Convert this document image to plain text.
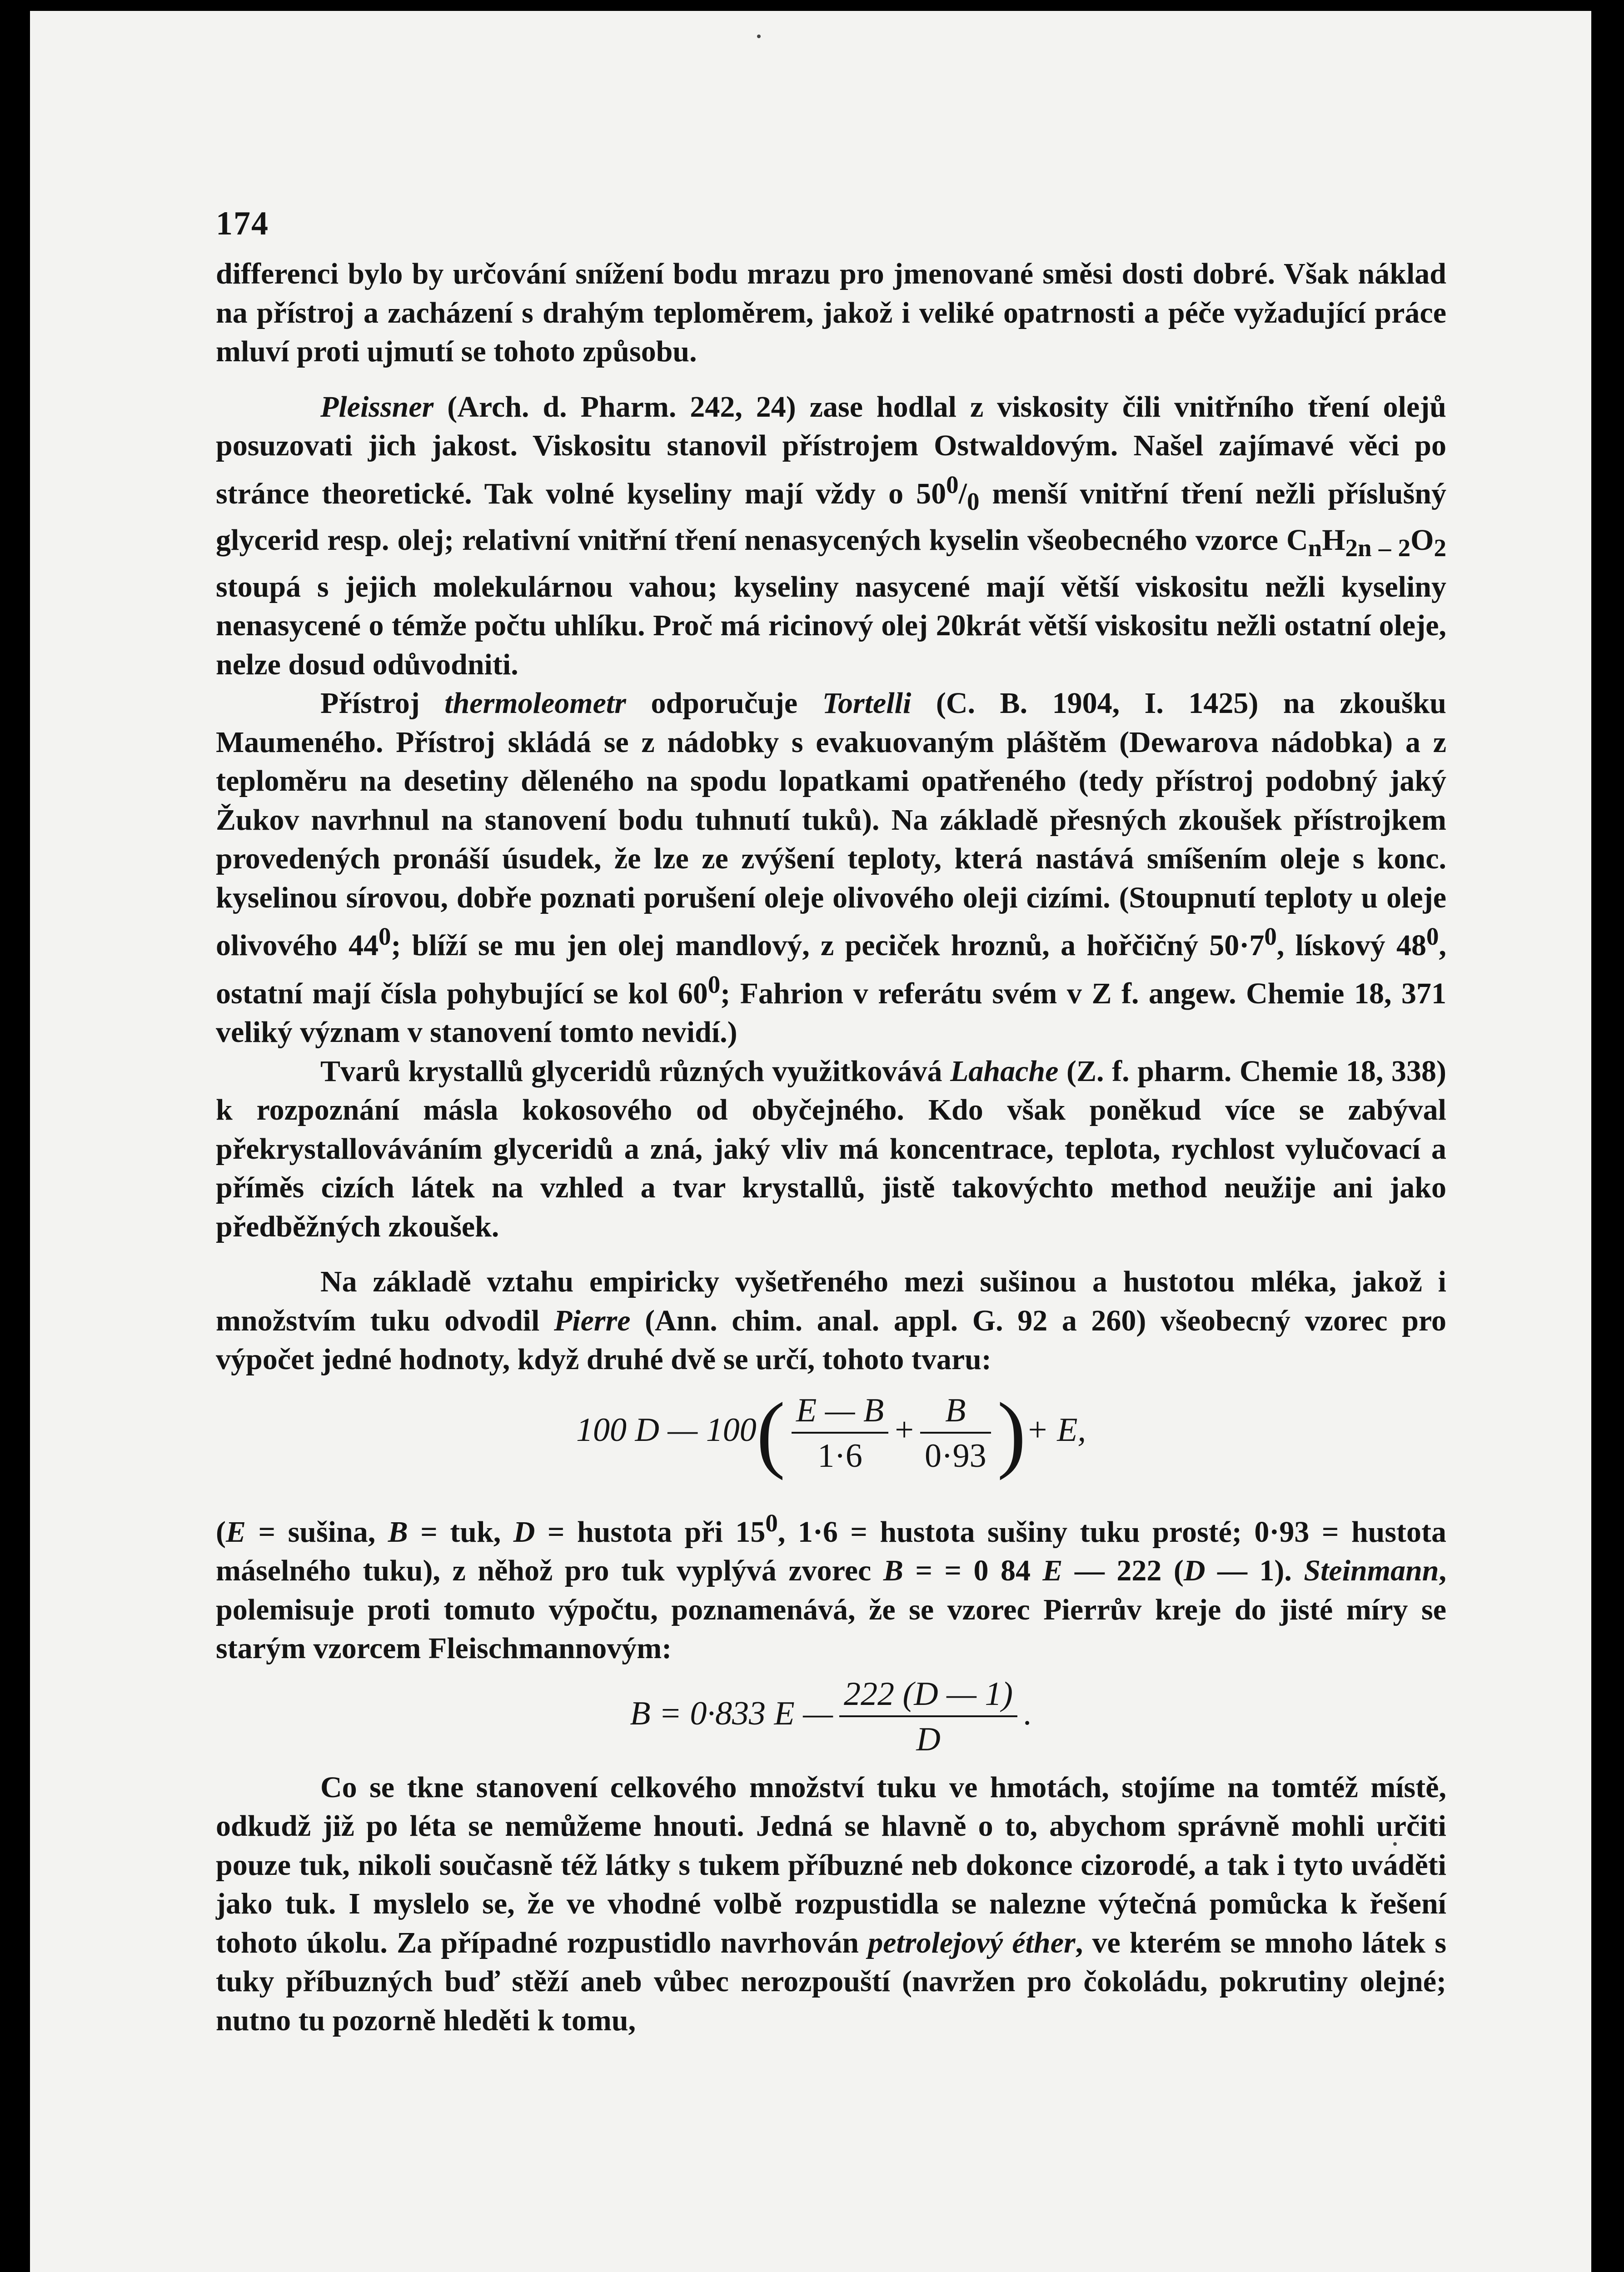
174

differenci bylo by určování snížení bodu mrazu pro jmenované směsi dosti dobré. Však náklad na přístroj a zacházení s drahým teploměrem, jakož i veliké opatrnosti a péče vyžadující práce mluví proti ujmutí se tohoto způsobu.

Pleissner (Arch. d. Pharm. 242, 24) zase hodlal z viskosity čili vnitřního tření olejů posuzovati jich jakost. Viskositu stanovil přístrojem Ostwaldovým. Našel zajímavé věci po stránce theoretické. Tak volné kyseliny mají vždy o $50^0/_0$ menší vnitřní tření nežli příslušný glycerid resp. olej; relativní vnitřní tření nenasycených kyselin všeobecného vzorce $C_nH_{2n - 2}O_2$ stoupá s jejich molekulárnou vahou; kyseliny nasycené mají větší viskositu nežli kyseliny nenasycené o témže počtu uhlíku. Proč má ricinový olej 20krát větší viskositu nežli ostatní oleje, nelze dosud odůvodniti.

Přístroj thermoleometr odporučuje Tortelli (C. B. 1904, I. 1425) na zkoušku Maumeného. Přístroj skládá se z nádobky s evakuovaným pláštěm (Dewarova nádobka) a z teploměru na desetiny děleného na spodu lopatkami opatřeného (tedy přístroj podobný jaký Žukov navrhnul na stanovení bodu tuhnutí tuků). Na základě přesných zkoušek přístrojkem provedených pronáší úsudek, že lze ze zvýšení teploty, která nastává smíšením oleje s konc. kyselinou sírovou, dobře poznati porušení oleje olivového oleji cizími. (Stoupnutí teploty u oleje olivového $44^0$; blíží se mu jen olej mandlový, z peciček hroznů, a hořčičný $50\cdot 7^0$, lískový $48^0$, ostatní mají čísla pohybující se kol $60^0$; Fahrion v referátu svém v Z f. angew. Chemie 18, 371 veliký význam v stanovení tomto nevidí.)

Tvarů krystallů glyceridů různých využitkovává Lahache (Z. f. pharm. Chemie 18, 338) k rozpoznání másla kokosového od obyčejného. Kdo však poněkud více se zabýval překrystallováváním glyceridů a zná, jaký vliv má koncentrace, teplota, rychlost vylučovací a příměs cizích látek na vzhled a tvar krystallů, jistě takovýchto method neužije ani jako předběžných zkoušek.

Na základě vztahu empiricky vyšetřeného mezi sušinou a hustotou mléka, jakož i množstvím tuku odvodil Pierre (Ann. chim. anal. appl. G. 92 a 260) všeobecný vzorec pro výpočet jedné hodnoty, když druhé dvě se určí, tohoto tvaru:

100 D — $100( \frac{E — B}{1\cdot 6} + \frac{B}{0\cdot 93}$ )+ E,

(E = sušina, B = tuk, D = hustota při $15^0$, 1·6 = hustota sušiny tuku prosté; 0·93 = hustota máselného tuku), z něhož pro tuk vyplývá zvorec B = = 0 84 E — 222 (D — 1). Steinmann, polemisuje proti tomuto výpočtu, poznamenává, že se vzorec Pierrův kreje do jisté míry se starým vzorcem Fleischmannovým:

B = 0·833 E — $\frac{222 (D — 1)}{D}$ .

Co se tkne stanovení celkového množství tuku ve hmotách, stojíme na tomtéž místě, odkudž již po léta se nemůžeme hnouti. Jedná se hlavně o to, abychom správně mohli určiti pouze tuk, nikoli současně též látky s tukem příbuzné neb dokonce cizorodé, a tak i tyto uváděti jako tuk. I myslelo se, že ve vhodné volbě rozpustidla se nalezne výtečná pomůcka k řešení tohoto úkolu. Za případné rozpustidlo navrhován petrolejový éther, ve kterém se mnoho látek s tuky příbuzných buď stěží aneb vůbec nerozpouští (navržen pro čokoládu, pokrutiny olejné; nutno tu pozorně hleděti k tomu,
